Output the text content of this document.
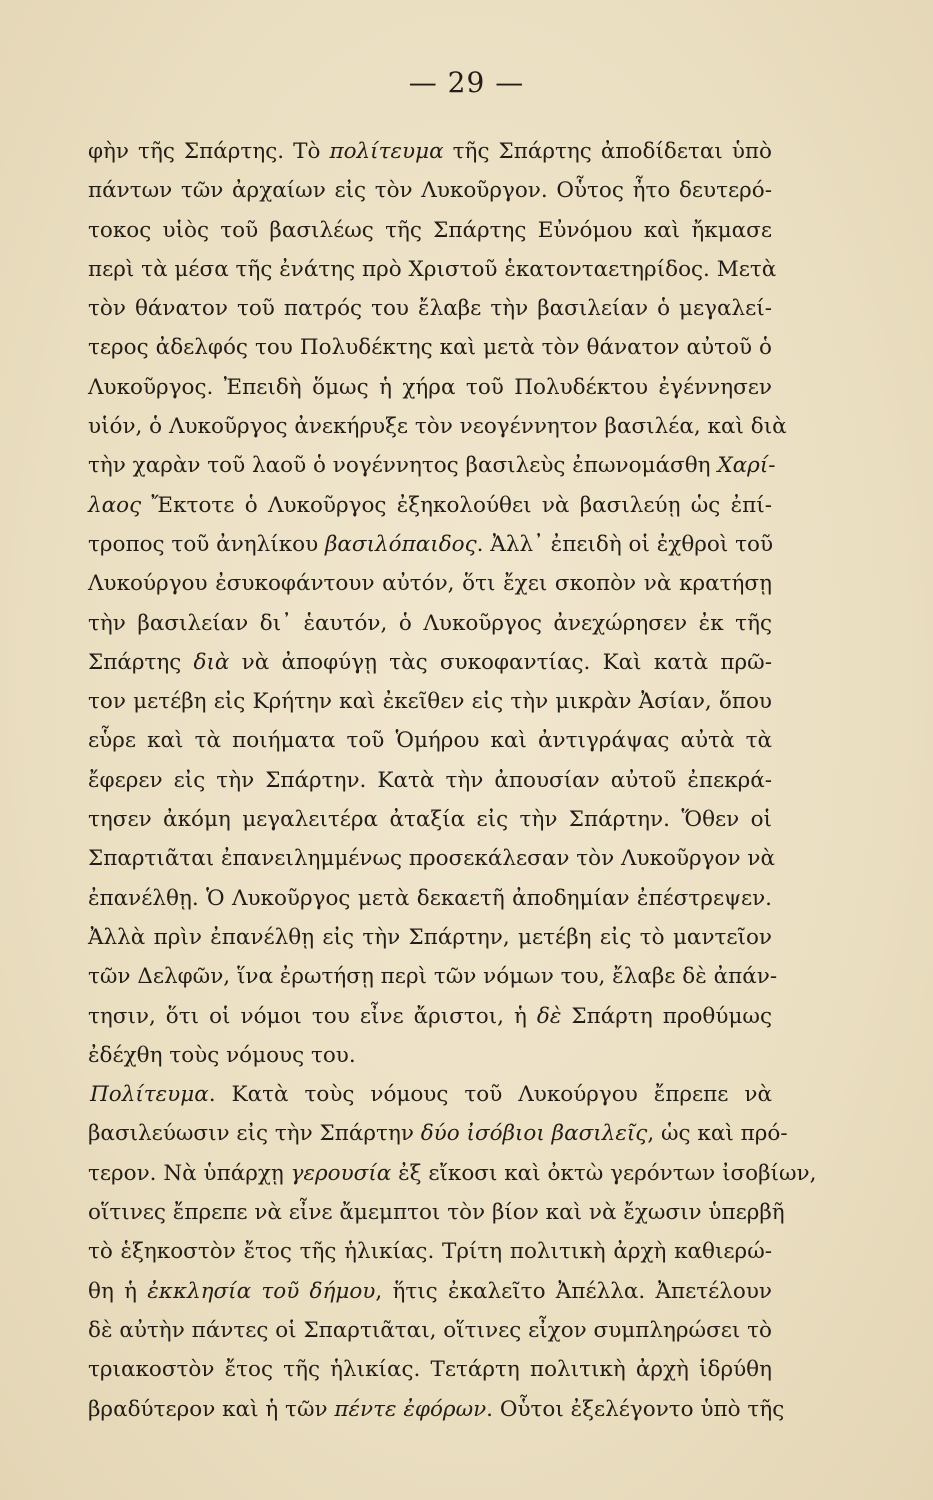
— 29 —
φὴν τῆς Σπάρτης. Τὸ πολίτευμα τῆς Σπάρτης ἀποδίδεται ὑπὸ
πάντων τῶν ἀρχαίων εἰς τὸν Λυκοῦργον. Οὗτος ἦτο δευτερό-
τοκος υἱὸς τοῦ βασιλέως τῆς Σπάρτης Εὐνόμου καὶ ἤκμασε
περὶ τὰ μέσα τῆς ἐνάτης πρὸ Χριστοῦ ἑκατονταετηρίδος. Μετὰ
τὸν θάνατον τοῦ πατρός του ἔλαβε τὴν βασιλείαν ὁ μεγαλεί-
τερος ἀδελφός του Πολυδέκτης καὶ μετὰ τὸν θάνατον αὐτοῦ ὁ
Λυκοῦργος. Ἐπειδὴ ὅμως ἡ χήρα τοῦ Πολυδέκτου ἐγέννησεν
υἱόν, ὁ Λυκοῦργος ἀνεκήρυξε τὸν νεογέννητον βασιλέα, καὶ διὰ
τὴν χαρὰν τοῦ λαοῦ ὁ νογέννητος βασιλεὺς ἐπωνομάσθη Χαρί-
λαος Ἔκτοτε ὁ Λυκοῦργος ἐξηκολούθει νὰ βασιλεύῃ ὡς ἐπί-
τροπος τοῦ ἀνηλίκου βασιλόπαιδος. Ἀλλ᾽ ἐπειδὴ οἱ ἐχθροὶ τοῦ
Λυκούργου ἐσυκοφάντουν αὐτόν, ὅτι ἔχει σκοπὸν νὰ κρατήσῃ
τὴν βασιλείαν δι᾽ ἑαυτόν, ὁ Λυκοῦργος ἀνεχώρησεν ἐκ τῆς
Σπάρτης διὰ νὰ ἀποφύγῃ τὰς συκοφαντίας. Καὶ κατὰ πρῶ-
τον μετέβη εἰς Κρήτην καὶ ἐκεῖθεν εἰς τὴν μικρὰν Ἀσίαν, ὅπου
εὗρε καὶ τὰ ποιήματα τοῦ Ὁμήρου καὶ ἀντιγράψας αὐτὰ τὰ
ἔφερεν εἰς τὴν Σπάρτην. Κατὰ τὴν ἀπουσίαν αὐτοῦ ἐπεκρά-
τησεν ἀκόμη μεγαλειτέρα ἀταξία εἰς τὴν Σπάρτην. Ὅθεν οἱ
Σπαρτιᾶται ἐπανειλημμένως προσεκάλεσαν τὸν Λυκοῦργον νὰ
ἐπανέλθῃ. Ὁ Λυκοῦργος μετὰ δεκαετῆ ἀποδημίαν ἐπέστρεψεν.
Ἀλλὰ πρὶν ἐπανέλθῃ εἰς τὴν Σπάρτην, μετέβη εἰς τὸ μαντεῖον
τῶν Δελφῶν, ἵνα ἐρωτήσῃ περὶ τῶν νόμων του, ἔλαβε δὲ ἀπάν-
τησιν, ὅτι οἱ νόμοι του εἶνε ἄριστοι, ἡ δὲ Σπάρτη προθύμως
ἐδέχθη τοὺς νόμους του.
Πολίτευμα. Κατὰ τοὺς νόμους τοῦ Λυκούργου ἔπρεπε νὰ
βασιλεύωσιν εἰς τὴν Σπάρτην δύο ἰσόβιοι βασιλεῖς, ὡς καὶ πρό-
τερον. Νὰ ὑπάρχῃ γερουσία ἐξ εἴκοσι καὶ ὀκτὼ γερόντων ἰσοβίων,
οἵτινες ἔπρεπε νὰ εἶνε ἄμεμπτοι τὸν βίον καὶ νὰ ἔχωσιν ὑπερβῆ
τὸ ἑξηκοστὸν ἔτος τῆς ἡλικίας. Τρίτη πολιτικὴ ἀρχὴ καθιερώ-
θη ἡ ἐκκλησία τοῦ δήμου, ἥτις ἐκαλεῖτο Ἀπέλλα. Ἀπετέλουν
δὲ αὐτὴν πάντες οἱ Σπαρτιᾶται, οἵτινες εἶχον συμπληρώσει τὸ
τριακοστὸν ἔτος τῆς ἡλικίας. Τετάρτη πολιτικὴ ἀρχὴ ἱδρύθη
βραδύτερον καὶ ἡ τῶν πέντε ἐφόρων. Οὗτοι ἐξελέγοντο ὑπὸ τῆς
